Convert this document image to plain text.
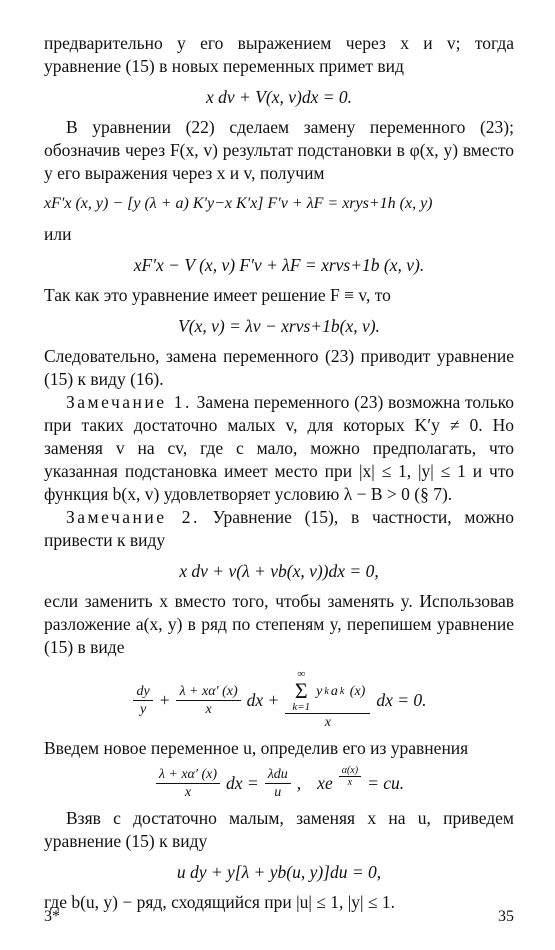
предварительно y его выражением через x и v; тогда уравнение (15) в новых переменных примет вид

x dv + V(x, v)dx = 0.

В уравнении (22) сделаем замену переменного (23); обозначив через F(x, v) результат подстановки в φ(x, y) вместо y его выражения через x и v, получим

xF′x (x, y) − [y (λ + a) K′y−x K′x] F′v + λF = xrys+1h (x, y)

или

xF′x − V (x, v) F′v + λF = xrvs+1b (x, v).

Так как это уравнение имеет решение F ≡ v, то

V(x, v) = λv − xrvs+1b(x, v).

Следовательно, замена переменного (23) приводит уравнение (15) к виду (16).

Замечание 1. Замена переменного (23) возможна только при таких достаточно малых v, для которых K′y ≠ 0. Но заменяя v на cv, где c мало, можно предполагать, что указанная подстановка имеет место при |x| ≤ 1, |y| ≤ 1 и что функция b(x, v) удовлетворяет условию λ − B > 0 (§ 7).

Замечание 2. Уравнение (15), в частности, можно привести к виду

x dv + v(λ + vb(x, v))dx = 0,

если заменить x вместо того, чтобы заменять y. Использовав разложение a(x, y) в ряд по степеням y, перепишем уравнение (15) в виде

$\frac{dy}{y} + \frac{\lambda + x\alpha' (x)}{x}$ dx + ∞
Σ
k=1
y k a k
(x)
x dx = 0.

Введем новое переменное u, определив его из уравнения

$\frac{\lambda + x\alpha' (x)}{x}$ dx = $\frac{\text{λdu}}{u}$ , xe $\frac{\alpha(x)}{x}$ = cu.

Взяв c достаточно малым, заменяя x на u, приведем уравнение (15) к виду

u dy + y[λ + yb(u, y)]du = 0,

где b(u, y) − ряд, сходящийся при |u| ≤ 1, |y| ≤ 1.

3*	35
